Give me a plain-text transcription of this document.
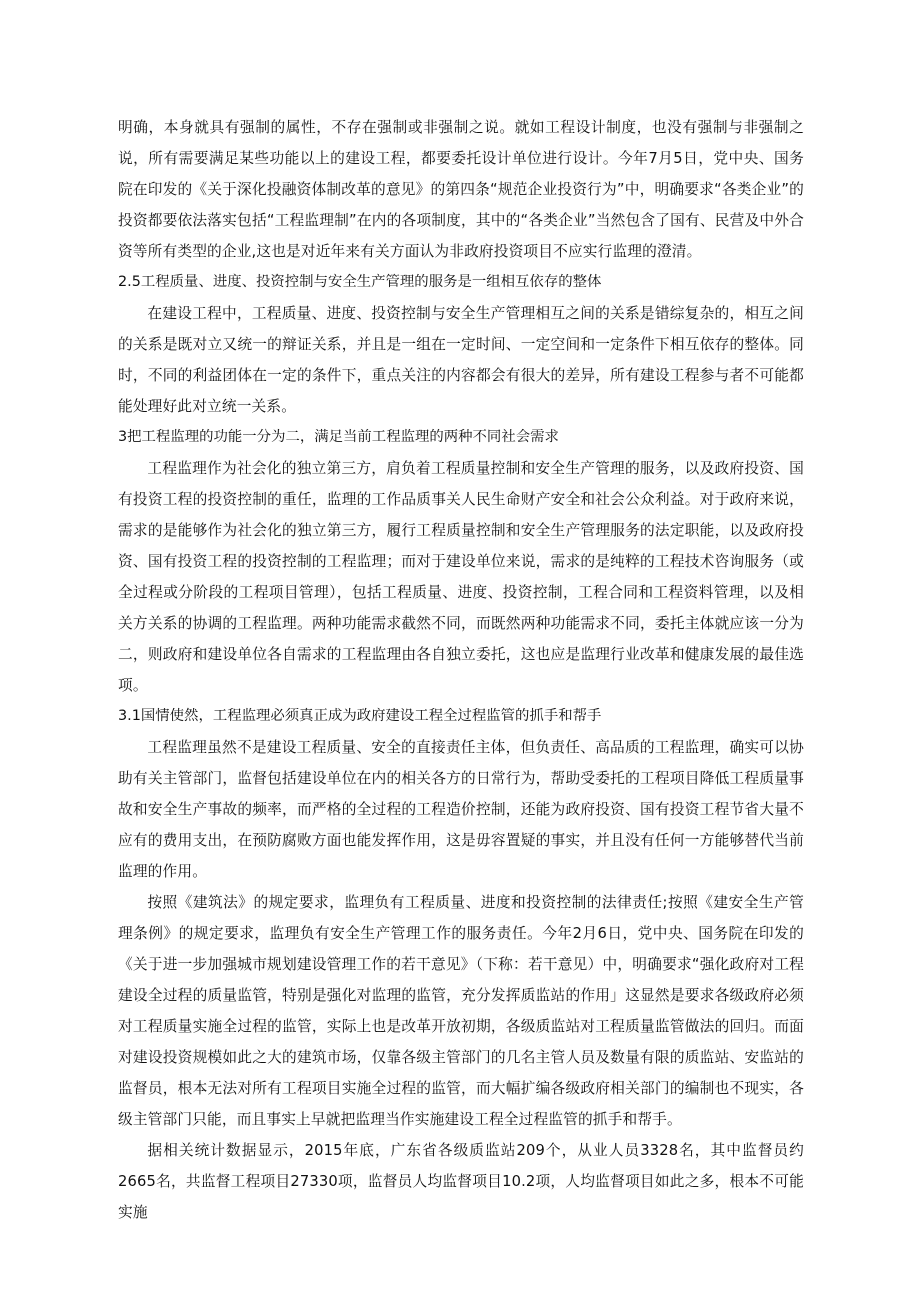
明确，本身就具有强制的属性，不存在强制或非强制之说。就如工程设计制度，也没有强制与非强制之说，所有需要满足某些功能以上的建设工程，都要委托设计单位进行设计。今年7月5日，党中央、国务院在印发的《关于深化投融资体制改革的意见》的第四条“规范企业投资行为”中，明确要求“各类企业”的投资都要依法落实包括“工程监理制”在内的各项制度，其中的“各类企业”当然包含了国有、民营及中外合资等所有类型的企业,这也是对近年来有关方面认为非政府投资项目不应实行监理的澄清。

2.5工程质量、进度、投资控制与安全生产管理的服务是一组相互依存的整体

在建设工程中，工程质量、进度、投资控制与安全生产管理相互之间的关系是错综复杂的，相互之间的关系是既对立又统一的辩证关系，并且是一组在一定时间、一定空间和一定条件下相互依存的整体。同时，不同的利益团体在一定的条件下，重点关注的内容都会有很大的差异，所有建设工程参与者不可能都能处理好此对立统一关系。

3把工程监理的功能一分为二，满足当前工程监理的两种不同社会需求

工程监理作为社会化的独立第三方，肩负着工程质量控制和安全生产管理的服务，以及政府投资、国有投资工程的投资控制的重任，监理的工作品质事关人民生命财产安全和社会公众利益。对于政府来说，需求的是能够作为社会化的独立第三方，履行工程质量控制和安全生产管理服务的法定职能，以及政府投资、国有投资工程的投资控制的工程监理；而对于建设单位来说，需求的是纯粹的工程技术咨询服务（或全过程或分阶段的工程项目管理），包括工程质量、进度、投资控制，工程合同和工程资料管理，以及相关方关系的协调的工程监理。两种功能需求截然不同，而既然两种功能需求不同，委托主体就应该一分为二，则政府和建设单位各自需求的工程监理由各自独立委托，这也应是监理行业改革和健康发展的最佳选项。

3.1国情使然，工程监理必须真正成为政府建设工程全过程监管的抓手和帮手

工程监理虽然不是建设工程质量、安全的直接责任主体，但负责任、高品质的工程监理，确实可以协助有关主管部门，监督包括建设单位在内的相关各方的日常行为，帮助受委托的工程项目降低工程质量事故和安全生产事故的频率，而严格的全过程的工程造价控制，还能为政府投资、国有投资工程节省大量不应有的费用支出，在预防腐败方面也能发挥作用，这是毋容置疑的事实，并且没有任何一方能够替代当前监理的作用。

按照《建筑法》的规定要求，监理负有工程质量、进度和投资控制的法律责任;按照《建安全生产管理条例》的规定要求，监理负有安全生产管理工作的服务责任。今年2月6日，党中央、国务院在印发的《关于进一步加强城市规划建设管理工作的若干意见》（下称：若干意见）中，明确要求“强化政府对工程建设全过程的质量监管，特别是强化对监理的监管，充分发挥质监站的作用」这显然是要求各级政府必须对工程质量实施全过程的监管，实际上也是改革开放初期，各级质监站对工程质量监管做法的回归。而面对建设投资规模如此之大的建筑市场，仅靠各级主管部门的几名主管人员及数量有限的质监站、安监站的监督员，根本无法对所有工程项目实施全过程的监管，而大幅扩编各级政府相关部门的编制也不现实，各级主管部门只能，而且事实上早就把监理当作实施建设工程全过程监管的抓手和帮手。

据相关统计数据显示，2015年底，广东省各级质监站209个，从业人员3328名，其中监督员约2665名，共监督工程项目27330项，监督员人均监督项目10.2项，人均监督项目如此之多，根本不可能实施
